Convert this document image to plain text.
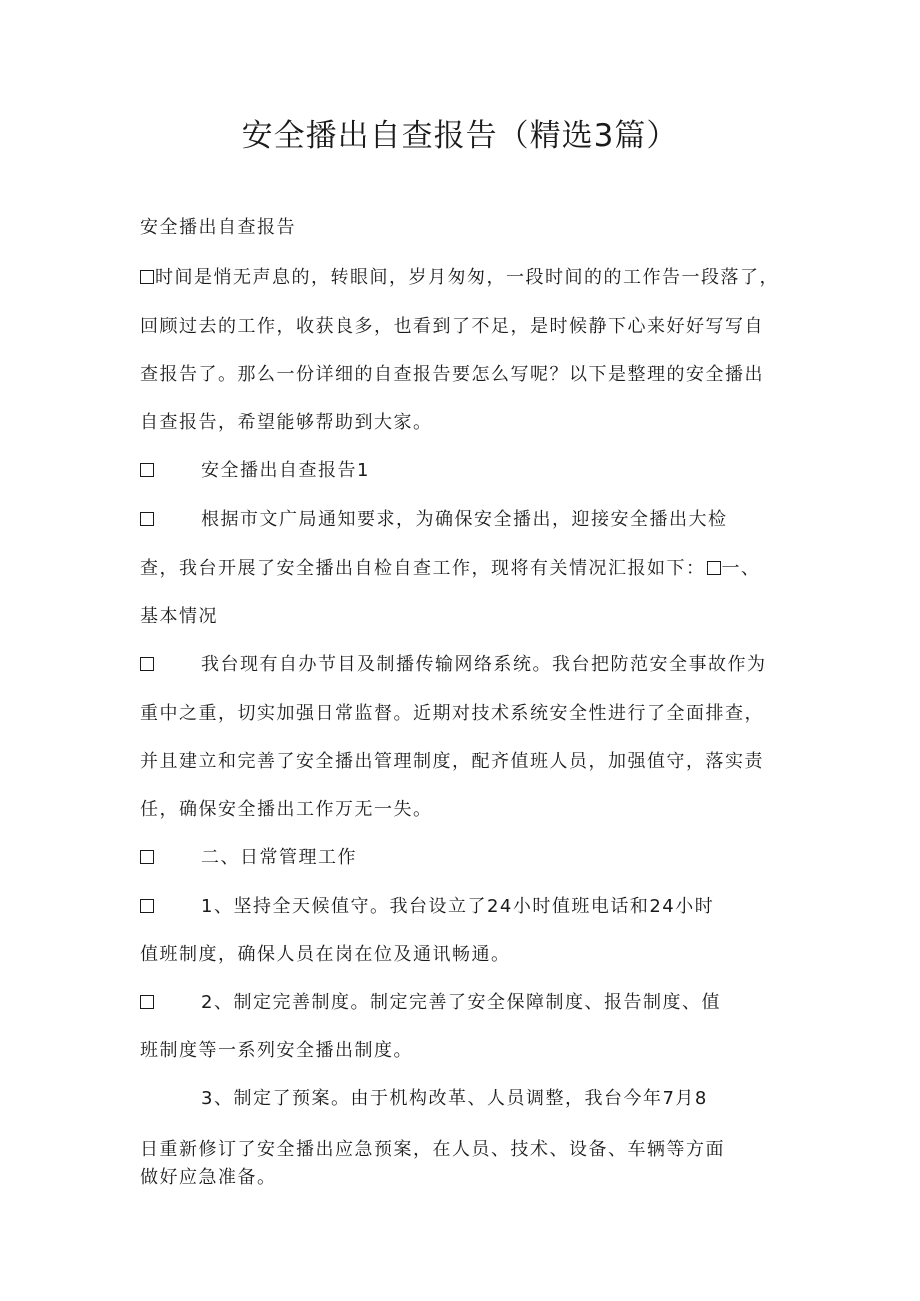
安全播出自查报告（精选3篇）
安全播出自查报告
时间是悄无声息的，转眼间，岁月匆匆，一段时间的的工作告一段落了，
回顾过去的工作，收获良多，也看到了不足，是时候静下心来好好写写自
查报告了。那么一份详细的自查报告要怎么写呢？以下是整理的安全播出
自查报告，希望能够帮助到大家。
安全播出自查报告1
根据市文广局通知要求，为确保安全播出，迎接安全播出大检
查，我台开展了安全播出自检自查工作，现将有关情况汇报如下： 一、
基本情况
我台现有自办节目及制播传输网络系统。我台把防范安全事故作为
重中之重，切实加强日常监督。近期对技术系统安全性进行了全面排查，
并且建立和完善了安全播出管理制度，配齐值班人员，加强值守，落实责
任，确保安全播出工作万无一失。
二、日常管理工作
1、坚持全天候值守。我台设立了24小时值班电话和24小时
值班制度，确保人员在岗在位及通讯畅通。
2、制定完善制度。制定完善了安全保障制度、报告制度、值
班制度等一系列安全播出制度。
3、制定了预案。由于机构改革、人员调整，我台今年7月8
日重新修订了安全播出应急预案，在人员、技术、设备、车辆等方面
做好应急准备。
